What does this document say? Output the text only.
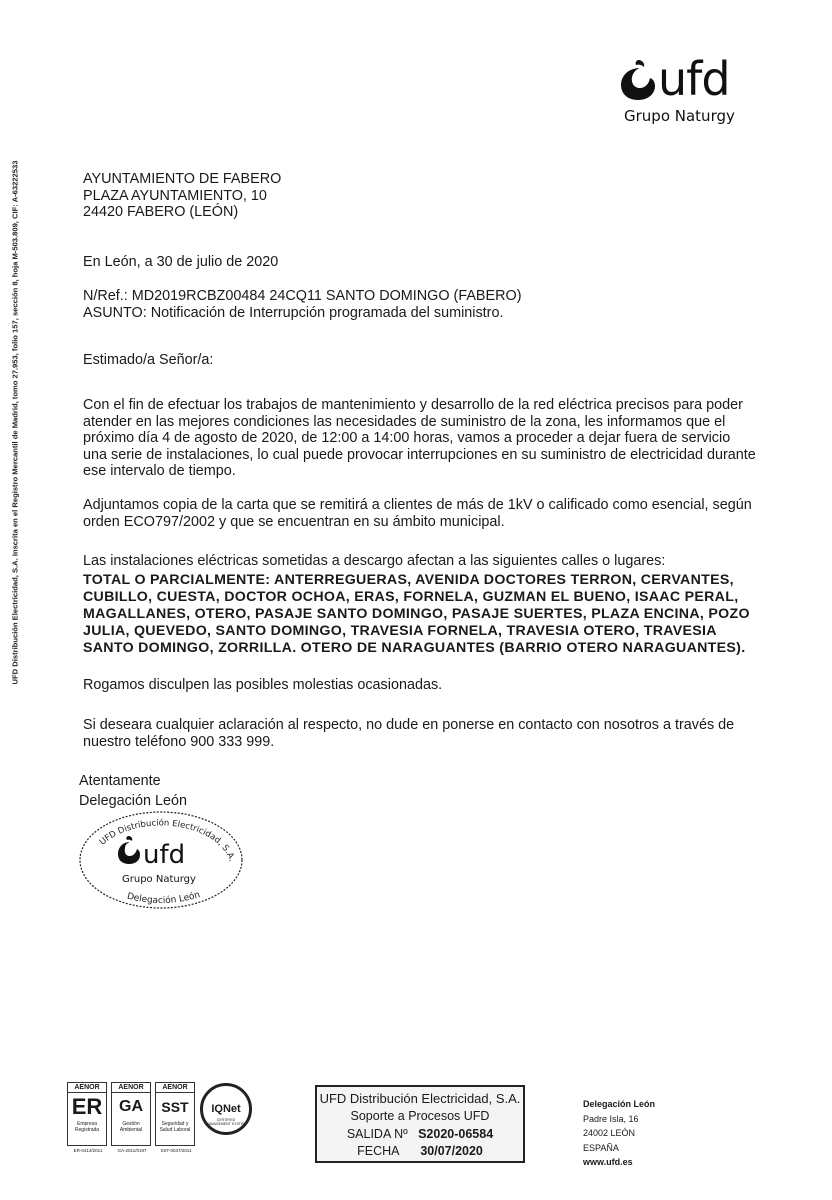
ufd
Grupo Naturgy
UFD Distribución Electricidad, S.A. Inscrita en el Registro Mercantil de Madrid, tomo 27.953, folio 157, sección 8, hoja M-503.809, CIF: A-63222533	AYUNTAMIENTO DE FABERO
PLAZA AYUNTAMIENTO, 10
24420 FABERO (LEÓN)
En León, a 30 de julio de 2020
N/Ref.: MD2019RCBZ00484 24CQ11 SANTO DOMINGO (FABERO)
ASUNTO: Notificación de Interrupción programada del suministro.
Estimado/a Señor/a:
Con el fin de efectuar los trabajos de mantenimiento y desarrollo de la red eléctrica precisos para poder
atender en las mejores condiciones las necesidades de suministro de la zona, les informamos que el
próximo día 4 de agosto de 2020, de 12:00 a 14:00 horas, vamos a proceder a dejar fuera de servicio
una serie de instalaciones, lo cual puede provocar interrupciones en su suministro de electricidad durante
ese intervalo de tiempo.
Adjuntamos copia de la carta que se remitirá a clientes de más de 1kV o calificado como esencial, según
orden ECO797/2002 y que se encuentran en su ámbito municipal.
Las instalaciones eléctricas sometidas a descargo afectan a las siguientes calles o lugares:
TOTAL O PARCIALMENTE: ANTERREGUERAS, AVENIDA DOCTORES TERRON, CERVANTES,
CUBILLO, CUESTA, DOCTOR OCHOA, ERAS, FORNELA, GUZMAN EL BUENO, ISAAC PERAL,
MAGALLANES, OTERO, PASAJE SANTO DOMINGO, PASAJE SUERTES, PLAZA ENCINA, POZO
JULIA, QUEVEDO, SANTO DOMINGO, TRAVESIA FORNELA, TRAVESIA OTERO, TRAVESIA
SANTO DOMINGO, ZORRILLA. OTERO DE NARAGUANTES (BARRIO OTERO NARAGUANTES).
Rogamos disculpen las posibles molestias ocasionadas.
Si deseara cualquier aclaración al respecto, no dude en ponerse en contacto con nosotros a través de
nuestro teléfono 900 333 999.
Atentamente
Delegación León
UFD Distribución Electricidad, S.A.
Delegación León
ufd
Grupo Naturgy
AENOR
ER
Empresa Registrada
ER-0414/2011
AENOR
GA
Gestión Ambiental
GA-2011/0197
AENOR
SST
Seguridad y Salud Laboral
SST-0037/2011
IQNet
CERTIFIED MANAGEMENT SYSTEM
UFD Distribución Electricidad, S.A.
Soporte a Procesos UFD
SALIDA Nº S2020-06584
FECHA 30/07/2020
Delegación León
Padre Isla, 16
24002 LEÓN
ESPAÑA
www.ufd.es
